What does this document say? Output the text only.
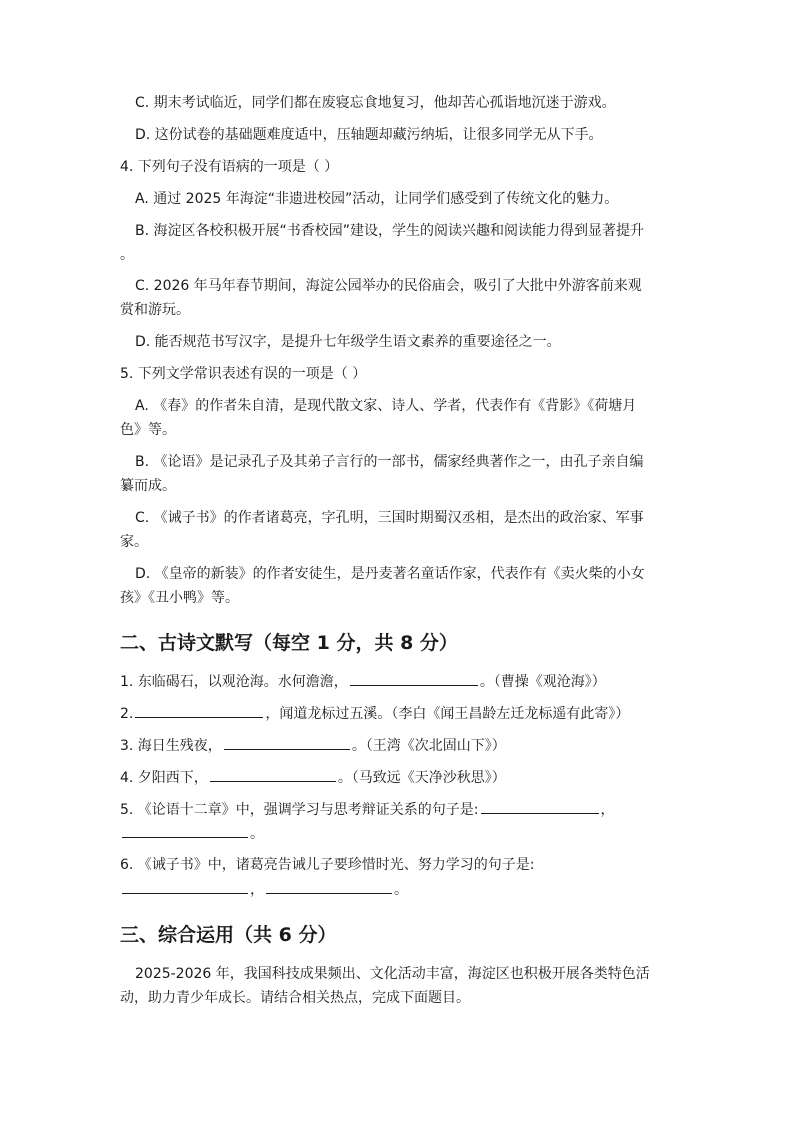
C. 期末考试临近，同学们都在废寝忘食地复习，他却苦心孤诣地沉迷于游戏。
D. 这份试卷的基础题难度适中，压轴题却藏污纳垢，让很多同学无从下手。
4. 下列句子没有语病的一项是（ ）
A. 通过 2025 年海淀“非遗进校园”活动，让同学们感受到了传统文化的魅力。
B. 海淀区各校积极开展“书香校园”建设，学生的阅读兴趣和阅读能力得到显著提升
。
C. 2026 年马年春节期间，海淀公园举办的民俗庙会，吸引了大批中外游客前来观
赏和游玩。
D. 能否规范书写汉字，是提升七年级学生语文素养的重要途径之一。
5. 下列文学常识表述有误的一项是（ ）
A. 《春》的作者朱自清，是现代散文家、诗人、学者，代表作有《背影》《荷塘月
色》等。
B. 《论语》是记录孔子及其弟子言行的一部书，儒家经典著作之一，由孔子亲自编
纂而成。
C. 《诫子书》的作者诸葛亮，字孔明，三国时期蜀汉丞相，是杰出的政治家、军事
家。
D. 《皇帝的新装》的作者安徒生，是丹麦著名童话作家，代表作有《卖火柴的小女
孩》《丑小鸭》等。
二、古诗文默写（每空 1 分，共 8 分）
1. 东临碣石，以观沧海。水何澹澹，	。（曹操《观沧海》）
2.	，闻道龙标过五溪。（李白《闻王昌龄左迁龙标遥有此寄》）
3. 海日生残夜，	。（王湾《次北固山下》）
4. 夕阳西下，	。（马致远《天净沙秋思》）
5. 《论语十二章》中，强调学习与思考辩证关系的句子是:	，
。
6. 《诫子书》中，诸葛亮告诫儿子要珍惜时光、努力学习的句子是:
，	。
三、综合运用（共 6 分）
2025-2026 年，我国科技成果频出、文化活动丰富，海淀区也积极开展各类特色活
动，助力青少年成长。请结合相关热点，完成下面题目。
